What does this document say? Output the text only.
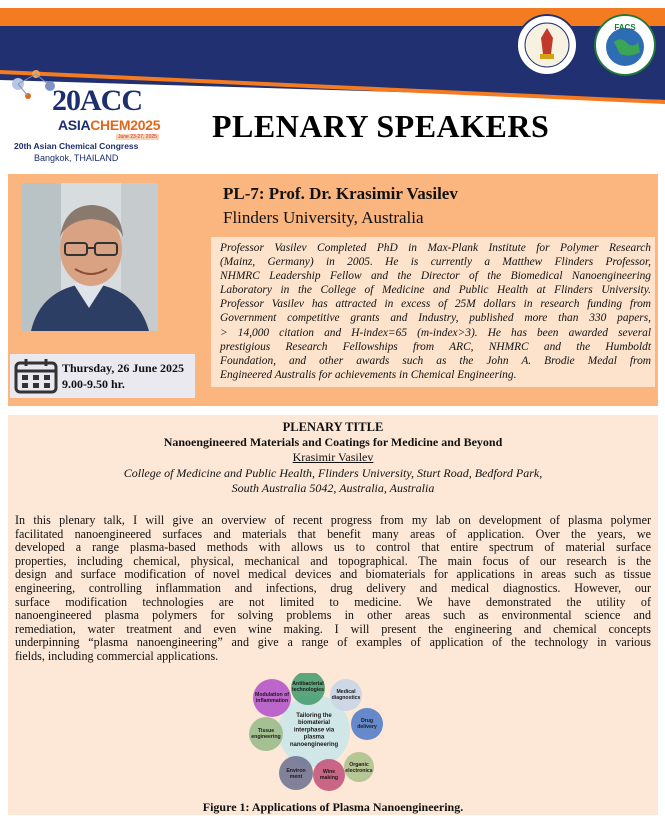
20ACC
ASIACHEM2025
June 23-27, 2025
20th Asian Chemical Congress
Bangkok, THAILAND
FACS
PLENARY SPEAKERS
Thursday, 26 June 2025
9.00-9.50 hr.
PL-7: Prof. Dr. Krasimir Vasilev
Flinders University, Australia
Professor Vasilev Completed PhD in Max-Plank Institute for Polymer Research
(Mainz, Germany) in 2005. He is currently a Matthew Flinders Professor,
NHMRC Leadership Fellow and the Director of the Biomedical Nanoengineering
Laboratory in the College of Medicine and Public Health at Flinders University.
Professor Vasilev has attracted in excess of 25M dollars in research funding from
Government competitive grants and Industry, published more than 330 papers,
> 14,000 citation and H-index=65 (m-index>3). He has been awarded several
prestigious Research Fellowships from ARC, NHMRC and the Humboldt
Foundation, and other awards such as the John A. Brodie Medal from
Engineered Australis for achievements in Chemical Engineering.
PLENARY TITLE
Nanoengineered Materials and Coatings for Medicine and Beyond
Krasimir Vasilev
College of Medicine and Public Health, Flinders University, Sturt Road, Bedford Park,
South Australia 5042, Australia, Australia
In this plenary talk, I will give an overview of recent progress from my lab on development of plasma polymer
facilitated nanoengineered surfaces and materials that benefit many areas of application. Over the years, we
developed a range plasma-based methods with allows us to control that entire spectrum of material surface
properties, including chemical, physical, mechanical and topographical. The main focus of our research is the
design and surface modification of novel medical devices and biomaterials for applications in areas such as tissue
engineering, controlling inflammation and infections, drug delivery and medical diagnostics. However, our
surface modification technologies are not limited to medicine. We have demonstrated the utility of
nanoengineered plasma polymers for solving problems in other areas such as environmental science and
remediation, water treatment and even wine making. I will present the engineering and chemical concepts
underpinning “plasma nanoengineering” and give a range of examples of application of the technology in various
fields, including commercial applications.
Tailoring the
biomaterial
interphase via
plasma
nanoengineering
Modulation of
inflammation
Antibacterial
technologies Medical
diagnostics
Drug
delivery
Tissue
engineering
Environ
ment
Wine
making
Organic
electronics
Figure 1: Applications of Plasma Nanoengineering.
